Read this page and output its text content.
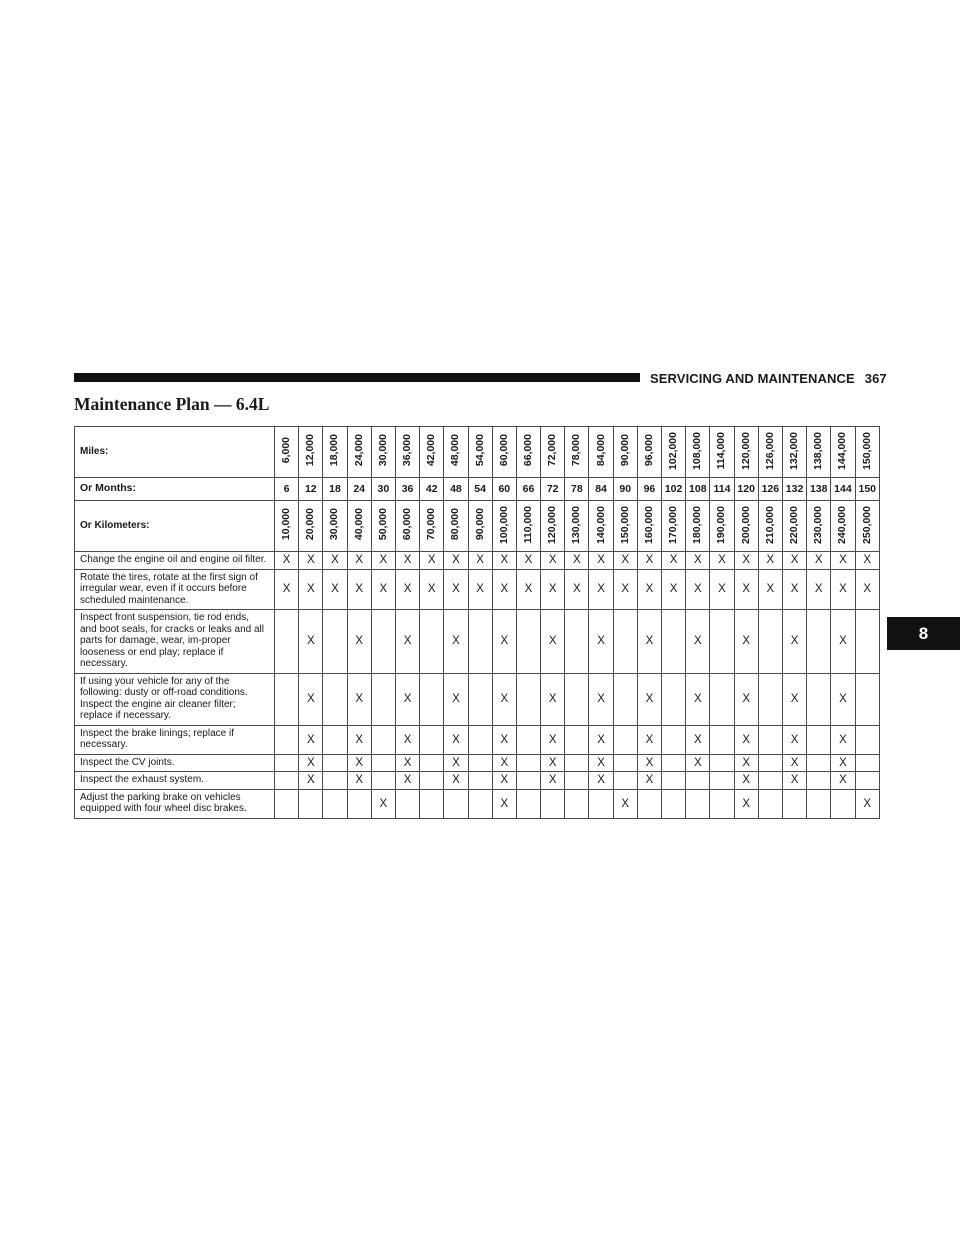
SERVICING AND MAINTENANCE 367
Maintenance Plan — 6.4L
8
Miles:	6,000	12,000	18,000	24,000	30,000	36,000	42,000	48,000	54,000	60,000	66,000	72,000	78,000	84,000	90,000	96,000	102,000	108,000	114,000	120,000	126,000	132,000	138,000	144,000	150,000
Or Months:	6	12	18	24	30	36	42	48	54	60	66	72	78	84	90	96	102	108	114	120	126	132	138	144	150
Or Kilometers:	10,000	20,000	30,000	40,000	50,000	60,000	70,000	80,000	90,000	100,000	110,000	120,000	130,000	140,000	150,000	160,000	170,000	180,000	190,000	200,000	210,000	220,000	230,000	240,000	250,000
Change the engine oil and engine oil filter.	X	X	X	X	X	X	X	X	X	X	X	X	X	X	X	X	X	X	X	X	X	X	X	X	X
Rotate the tires, rotate at the first sign of irregular wear, even if it occurs before scheduled maintenance.	X	X	X	X	X	X	X	X	X	X	X	X	X	X	X	X	X	X	X	X	X	X	X	X	X
Inspect front suspension, tie rod ends, and boot seals, for cracks or leaks and all parts for damage, wear, im-proper looseness or end play; replace if necessary.		X		X		X		X		X		X		X		X		X		X		X		X	
If using your vehicle for any of the following: dusty or off-road conditions. Inspect the engine air cleaner filter; replace if necessary.		X		X		X		X		X		X		X		X		X		X		X		X	
Inspect the brake linings; replace if necessary.		X		X		X		X		X		X		X		X		X		X		X		X	
Inspect the CV joints.		X		X		X		X		X		X		X		X		X		X		X		X	
Inspect the exhaust system.		X		X		X		X		X		X		X		X				X		X		X	
Adjust the parking brake on vehicles equipped with four wheel disc brakes.					X					X					X					X					X
